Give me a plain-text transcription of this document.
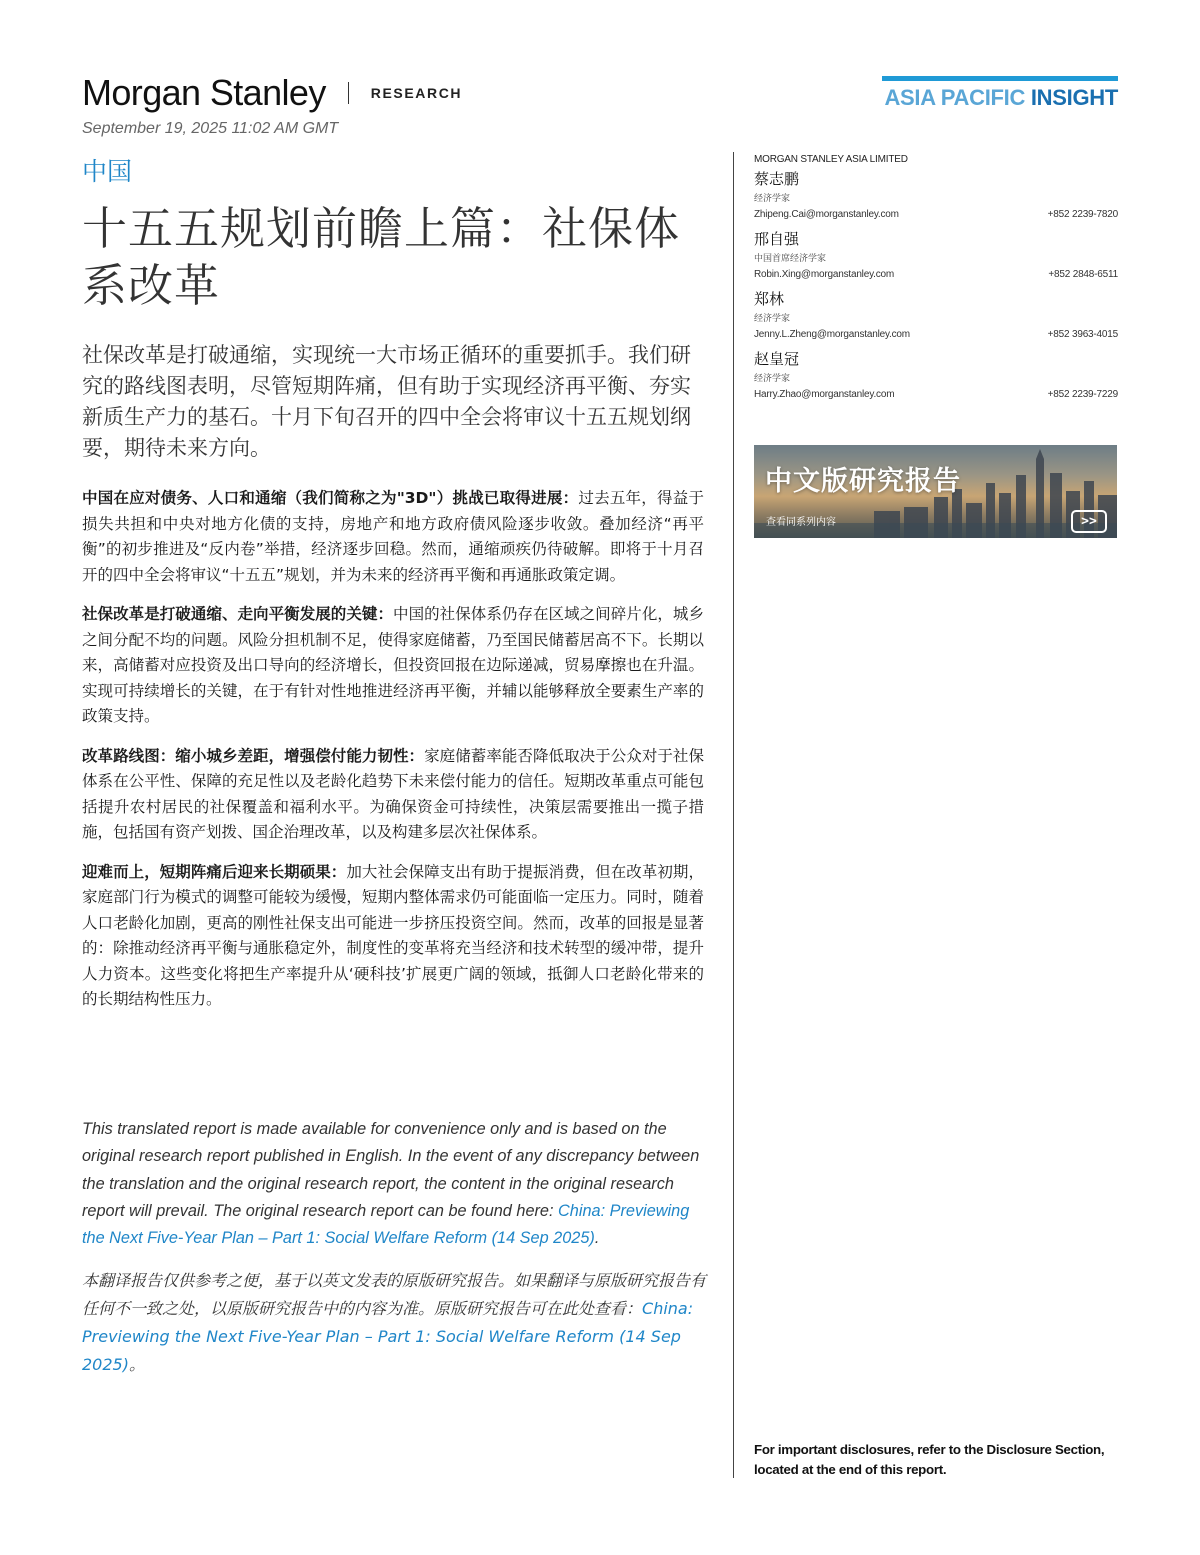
Morgan Stanley	RESEARCH	ASIA PACIFIC INSIGHT
September 19, 2025 11:02 AM GMT
中国
十五五规划前瞻上篇：社保体系改革
社保改革是打破通缩，实现统一大市场正循环的重要抓手。我们研究的路线图表明，尽管短期阵痛，但有助于实现经济再平衡、夯实新质生产力的基石。十月下旬召开的四中全会将审议十五五规划纲要，期待未来方向。

中国在应对债务、人口和通缩（我们简称之为"3D"）挑战已取得进展：过去五年，得益于损失共担和中央对地方化债的支持，房地产和地方政府债风险逐步收敛。叠加经济“再平衡”的初步推进及“反内卷”举措，经济逐步回稳。然而，通缩顽疾仍待破解。即将于十月召开的四中全会将审议“十五五”规划，并为未来的经济再平衡和再通胀政策定调。

社保改革是打破通缩、走向平衡发展的关键：中国的社保体系仍存在区域之间碎片化，城乡之间分配不均的问题。风险分担机制不足，使得家庭储蓄，乃至国民储蓄居高不下。长期以来，高储蓄对应投资及出口导向的经济增长，但投资回报在边际递减，贸易摩擦也在升温。实现可持续增长的关键，在于有针对性地推进经济再平衡，并辅以能够释放全要素生产率的政策支持。

改革路线图：缩小城乡差距，增强偿付能力韧性：家庭储蓄率能否降低取决于公众对于社保体系在公平性、保障的充足性以及老龄化趋势下未来偿付能力的信任。短期改革重点可能包括提升农村居民的社保覆盖和福利水平。为确保资金可持续性，决策层需要推出一揽子措施，包括国有资产划拨、国企治理改革，以及构建多层次社保体系。

迎难而上，短期阵痛后迎来长期硕果：加大社会保障支出有助于提振消费，但在改革初期，家庭部门行为模式的调整可能较为缓慢，短期内整体需求仍可能面临一定压力。同时，随着人口老龄化加剧，更高的刚性社保支出可能进一步挤压投资空间。然而，改革的回报是显著的：除推动经济再平衡与通胀稳定外，制度性的变革将充当经济和技术转型的缓冲带，提升人力资本。这些变化将把生产率提升从‘硬科技’扩展更广阔的领域，抵御人口老龄化带来的的长期结构性压力。

This translated report is made available for convenience only and is based on the original research report published in English. In the event of any discrepancy between the translation and the original research report, the content in the original research report will prevail. The original research report can be found here: China: Previewing the Next Five-Year Plan – Part 1: Social Welfare Reform (14 Sep 2025).
本翻译报告仅供参考之便，基于以英文发表的原版研究报告。如果翻译与原版研究报告有任何不一致之处，以原版研究报告中的内容为准。原版研究报告可在此处查看：China: Previewing the Next Five-Year Plan – Part 1: Social Welfare Reform (14 Sep 2025)。
MORGAN STANLEY ASIA LIMITED
蔡志鹏
经济学家
Zhipeng.Cai@morganstanley.com	+852 2239-7820
邢自强
中国首席经济学家
Robin.Xing@morganstanley.com	+852 2848-6511
郑林
经济学家
Jenny.L.Zheng@morganstanley.com	+852 3963-4015
赵皇冠
经济学家
Harry.Zhao@morganstanley.com	+852 2239-7229
中文版研究报告
查看同系列内容	>>
For important disclosures, refer to the Disclosure Section, located at the end of this report.
